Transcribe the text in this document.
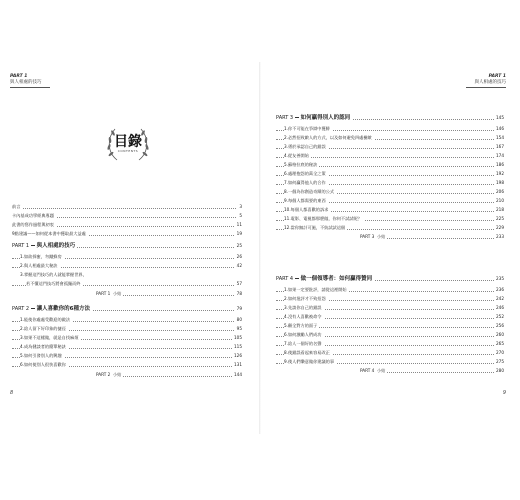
PART 1
與人相處的技巧
目錄
CONTENTS
前言	3
卡內基成功學經典專題	5
此書的寫作過程與初衷	11
9點建議——如何從本書中獲取最大益處	19
PART 1 與人相處的技巧	25
1.如欲採蜜，勿蹴蜂房	26
2.與人相處最大秘訣	42
3.掌握這門技巧的人就能掌握世界，
若不懂這門技巧將會孤獨而終	57
PART 1 小結	78
PART 2 讓人喜歡你的6種方法	79
1.能使你處處受歡迎的做法	80
2.給人留下好印象的捷徑	95
3.如果不這樣做，就是自找麻煩	105
4.成為健談者的簡單秘訣	115
5.如何引發別人的興趣	126
6.如何使別人很快喜歡你	131
PART 2 小結	144
8
PART 1
與人相處的技巧
PART 3 如何贏得別人的認同	145
1.你不可能在爭辯中獲勝	146
2.必然招致敵人的方式，以及如何避免四處樹敵	154
3.勇於承認自己的錯誤	167
4.從友善開始	174
5.蘇格拉底的秘訣	186
6.處理抱怨的萬全之策	192
7.如何贏得他人的合作	198
8.一個為你創造奇蹟的公式	206
9.每個人都需要的東西	210
10.每個人都喜歡的訴求	218
11.電影、電視都那麼做，你何不試試呢？	225
12.當你無計可施，不妨試試這個	229
PART 3 小結	233
PART 4 做一個領導者：如何贏得贊同	235
1.如果一定要批評，請從這裡開始	236
2.如何批評才不致招怨	242
3.先談你自己的錯誤	246
4.沒有人喜歡被命令	252
5.顧全對方的面子	256
6.如何激勵人們成功	260
7.給人一個好的名聲	265
8.使錯誤看起來容易改正	270
9.使人們樂意做你建議的事	275
PART 4 小結	280
9
